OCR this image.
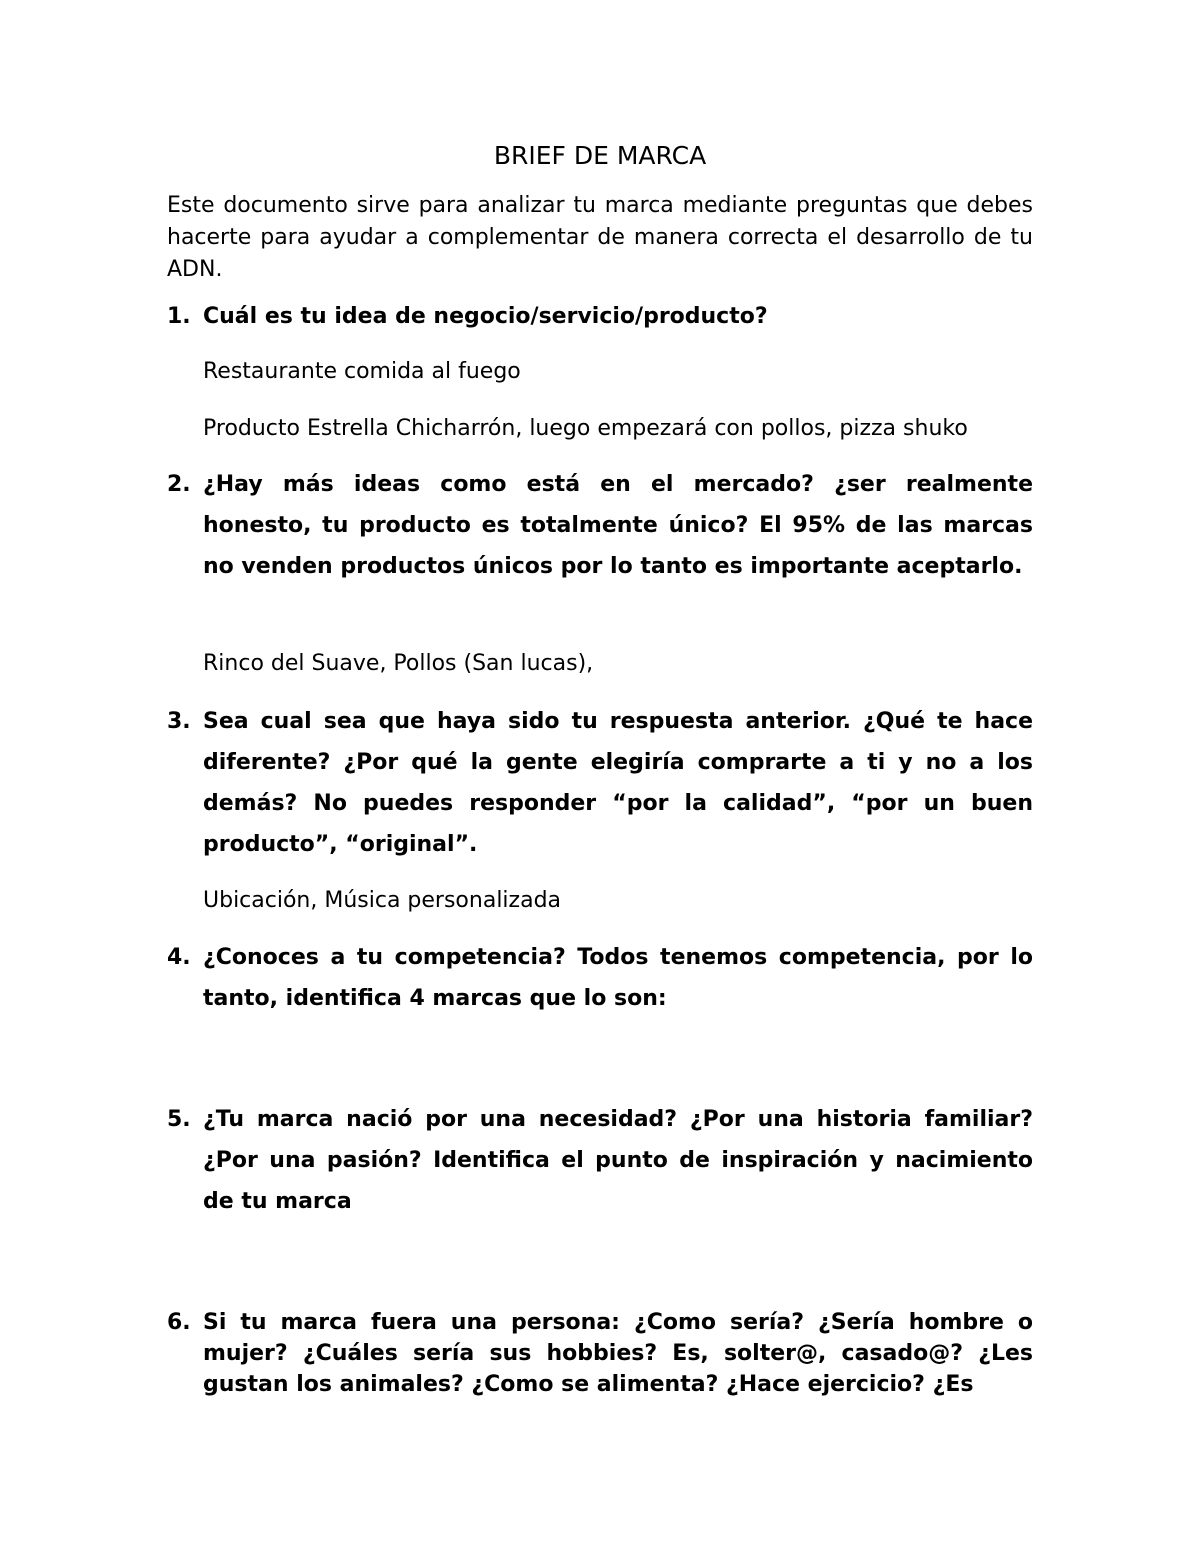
BRIEF DE MARCA

Este documento sirve para analizar tu marca mediante preguntas que debes hacerte para ayudar a complementar de manera correcta el desarrollo de tu ADN.

1. Cuál es tu idea de negocio/servicio/producto?

Restaurante comida al fuego

Producto Estrella Chicharrón, luego empezará con pollos, pizza shuko

2. ¿Hay más ideas como está en el mercado? ¿ser realmente honesto, tu producto es totalmente único? El 95% de las marcas no venden productos únicos por lo tanto es importante aceptarlo.

Rinco del Suave, Pollos (San lucas),

3. Sea cual sea que haya sido tu respuesta anterior. ¿Qué te hace diferente? ¿Por qué la gente elegiría comprarte a ti y no a los demás? No puedes responder “por la calidad”, “por un buen producto”, “original”.

Ubicación, Música personalizada

4. ¿Conoces a tu competencia? Todos tenemos competencia, por lo tanto, identifica 4 marcas que lo son:
5. ¿Tu marca nació por una necesidad? ¿Por una historia familiar? ¿Por una pasión? Identifica el punto de inspiración y nacimiento de tu marca
6. Si tu marca fuera una persona: ¿Como sería? ¿Sería hombre o mujer? ¿Cuáles sería sus hobbies? Es, solter@, casado@? ¿Les gustan los animales? ¿Como se alimenta? ¿Hace ejercicio? ¿Es
